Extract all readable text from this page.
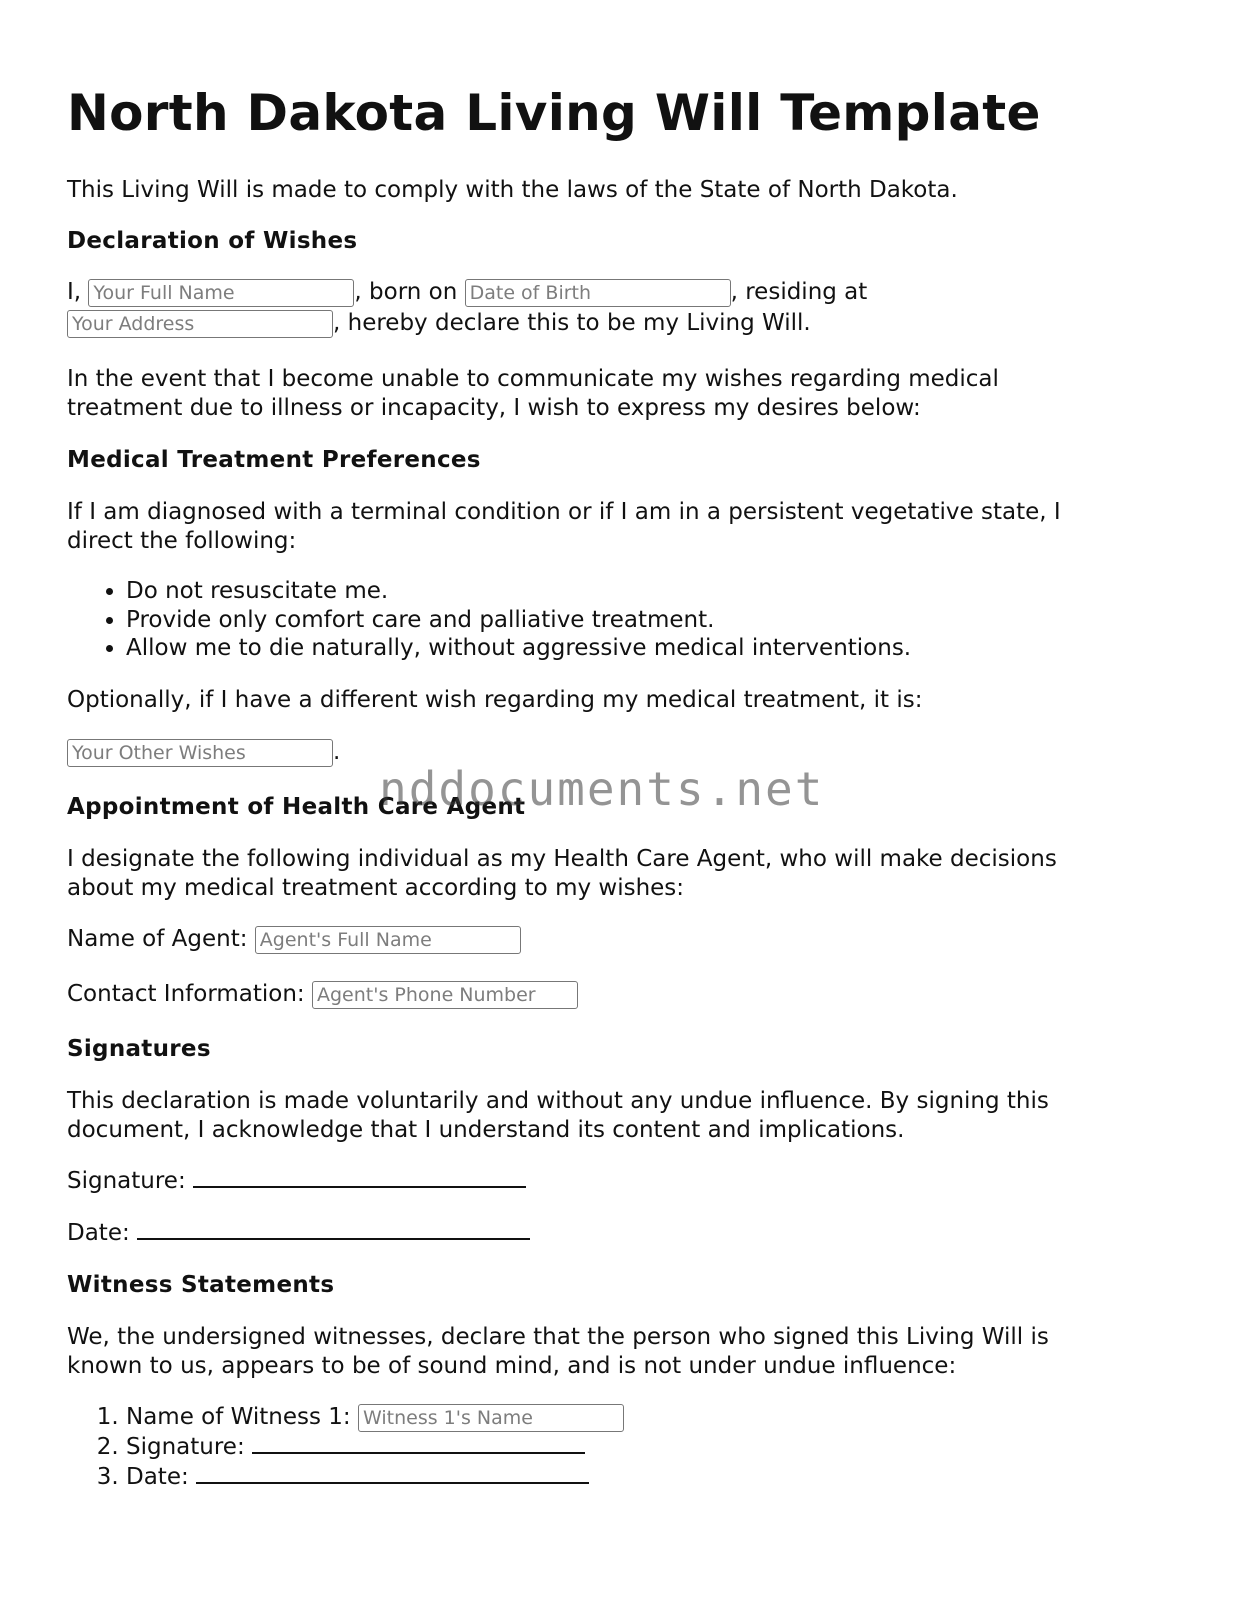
North Dakota Living Will Template
This Living Will is made to comply with the laws of the State of North Dakota.
Declaration of Wishes
I, Your Full Name	, born on Date of Birth	, residing at
Your Address, hereby declare this to be my Living Will.
In the event that I become unable to communicate my wishes regarding medical
treatment due to illness or incapacity, I wish to express my desires below:
Medical Treatment Preferences
If I am diagnosed with a terminal condition or if I am in a persistent vegetative state, I
direct the following:
• Do not resuscitate me.
• Provide only comfort care and palliative treatment.
• Allow me to die naturally, without aggressive medical interventions.
Optionally, if I have a different wish regarding my medical treatment, it is:
Your Other Wishes.
Appointment of Health Care Agent
I designate the following individual as my Health Care Agent, who will make decisions
about my medical treatment according to my wishes:
Name of Agent: Agent's Full Name
Contact Information: Agent's Phone Number
Signatures
This declaration is made voluntarily and without any undue influence. By signing this
document, I acknowledge that I understand its content and implications.
Signature:
Date:
Witness Statements
We, the undersigned witnesses, declare that the person who signed this Living Will is
known to us, appears to be of sound mind, and is not under undue influence:
1. Name of Witness 1: Witness 1's Name
2. Signature:
3. Date:
nddocuments.net
